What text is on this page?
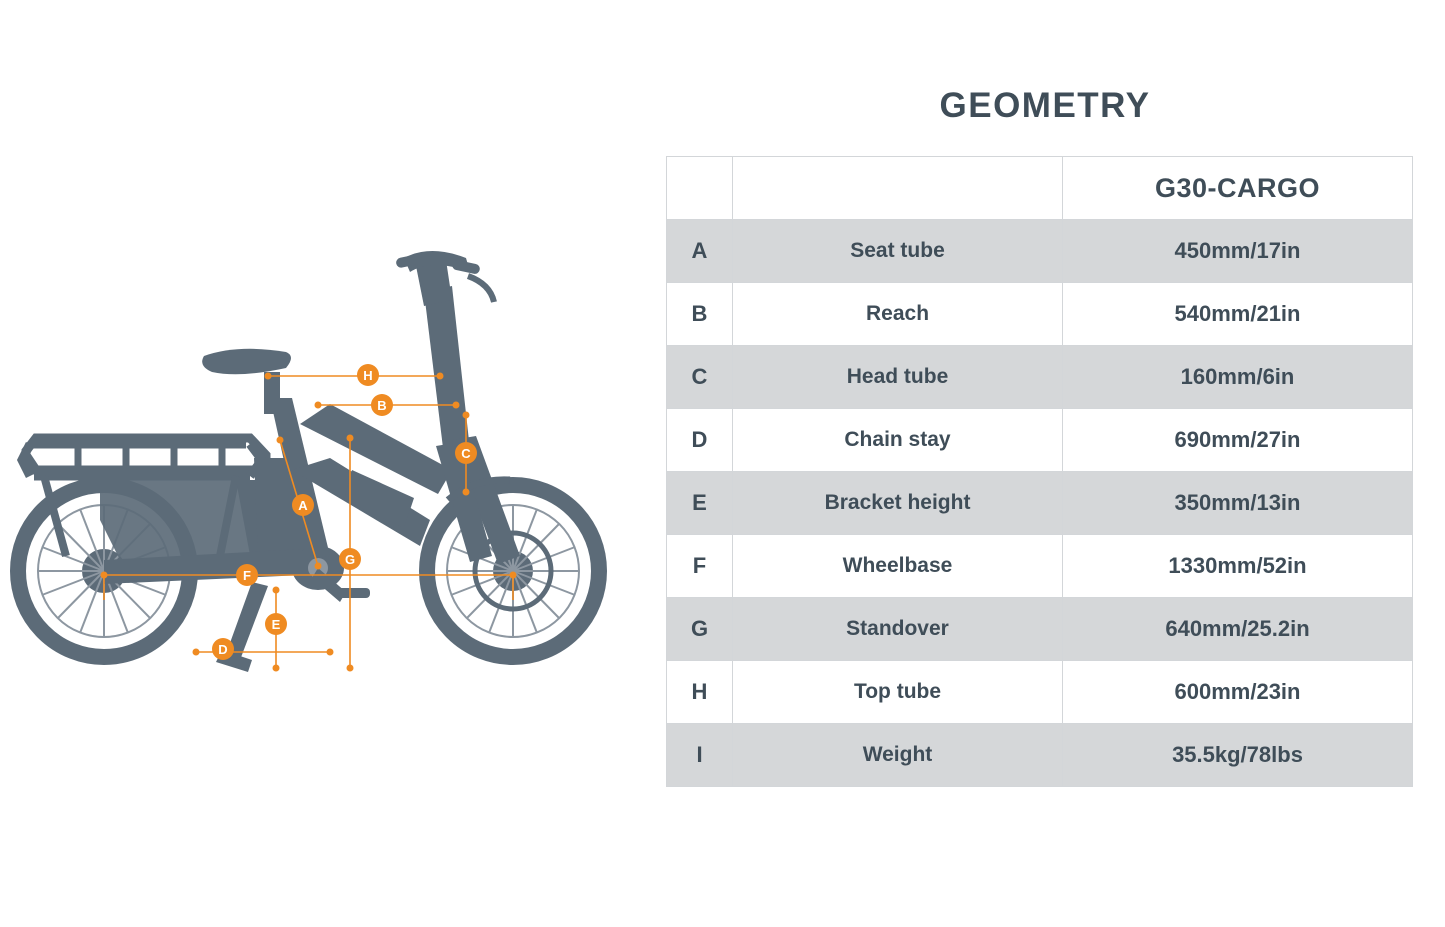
A
B
C
D
E
F
G
H
GEOMETRY
		G30-CARGO
A	Seat tube	450mm/17in
B	Reach	540mm/21in
C	Head tube	160mm/6in
D	Chain stay	690mm/27in
E	Bracket height	350mm/13in
F	Wheelbase	1330mm/52in
G	Standover	640mm/25.2in
H	Top tube	600mm/23in
I	Weight	35.5kg/78lbs
